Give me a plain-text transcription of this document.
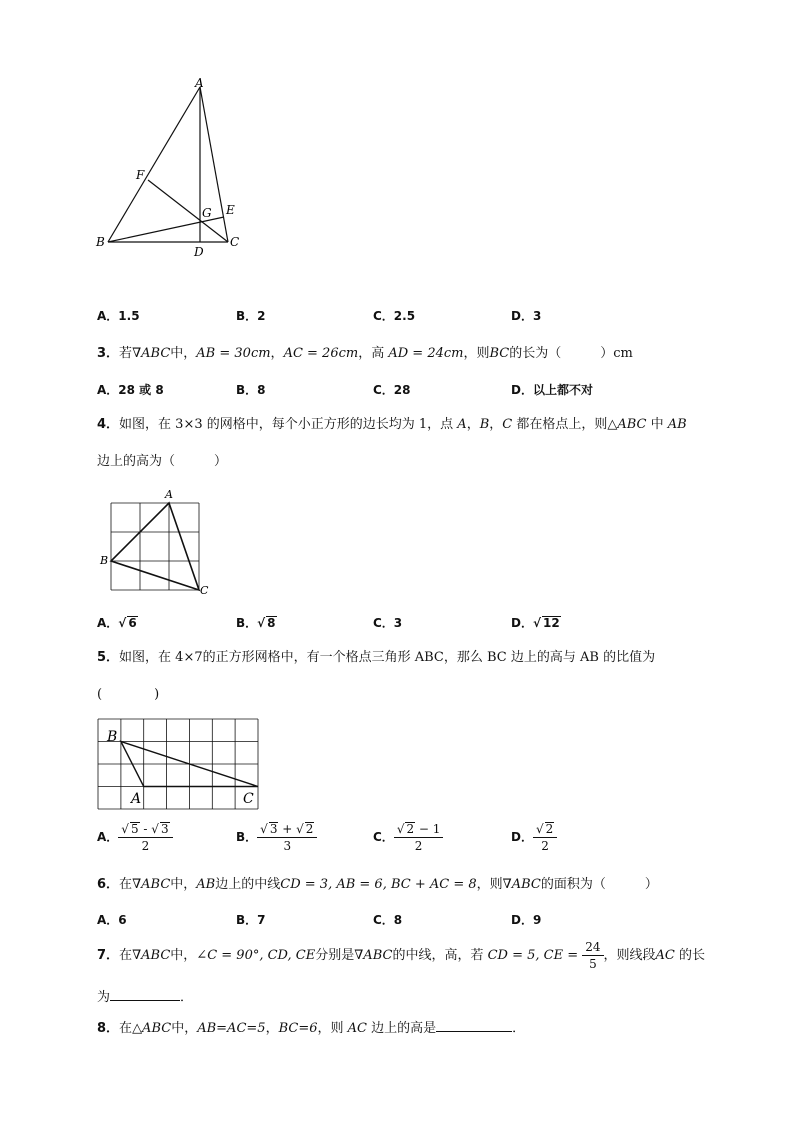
A
B	C
D
E
F
G
A．1.5	B．2	C．2.5	D．3
3．若∇ABC中，AB = 30cm，AC = 26cm，高 AD = 24cm，则BC的长为（　　　）cm
A．28 或 8	B．8	C．28	D．以上都不对
4．如图，在 3×3 的网格中，每个小正方形的边长均为 1，点 A，B，C 都在格点上，则△ABC 中 AB
边上的高为（　　　）
A
B
C
A．√ 6	B．√ 8	C．3	D．√ 12
5．如图，在 4×7的正方形网格中，有一个格点三角形 ABC，那么 BC 边上的高与 AB 的比值为
(　　　　)
B
A	C
A． $\frac{√ 5 - √ 3}{2}$	B． $\frac{√ 3 + √ 2}{3}$	C． $\frac{√ 2 - 1}{2}$	D． $\frac{√ 2}{2}$
6．在∇ABC中，AB边上的中线CD = 3, AB = 6, BC + AC = 8，则∇ABC的面积为（　　　）
A．6	B．7	C．8	D．9
7．在∇ABC中，∠C = 90°, CD, CE分别是∇ABC的中线，高，若 CD = 5, CE = $\frac{24}{5}$ ，则线段AC 的长
为	．
8．在△ABC中，AB=AC=5，BC=6，则 AC 边上的高是	．
